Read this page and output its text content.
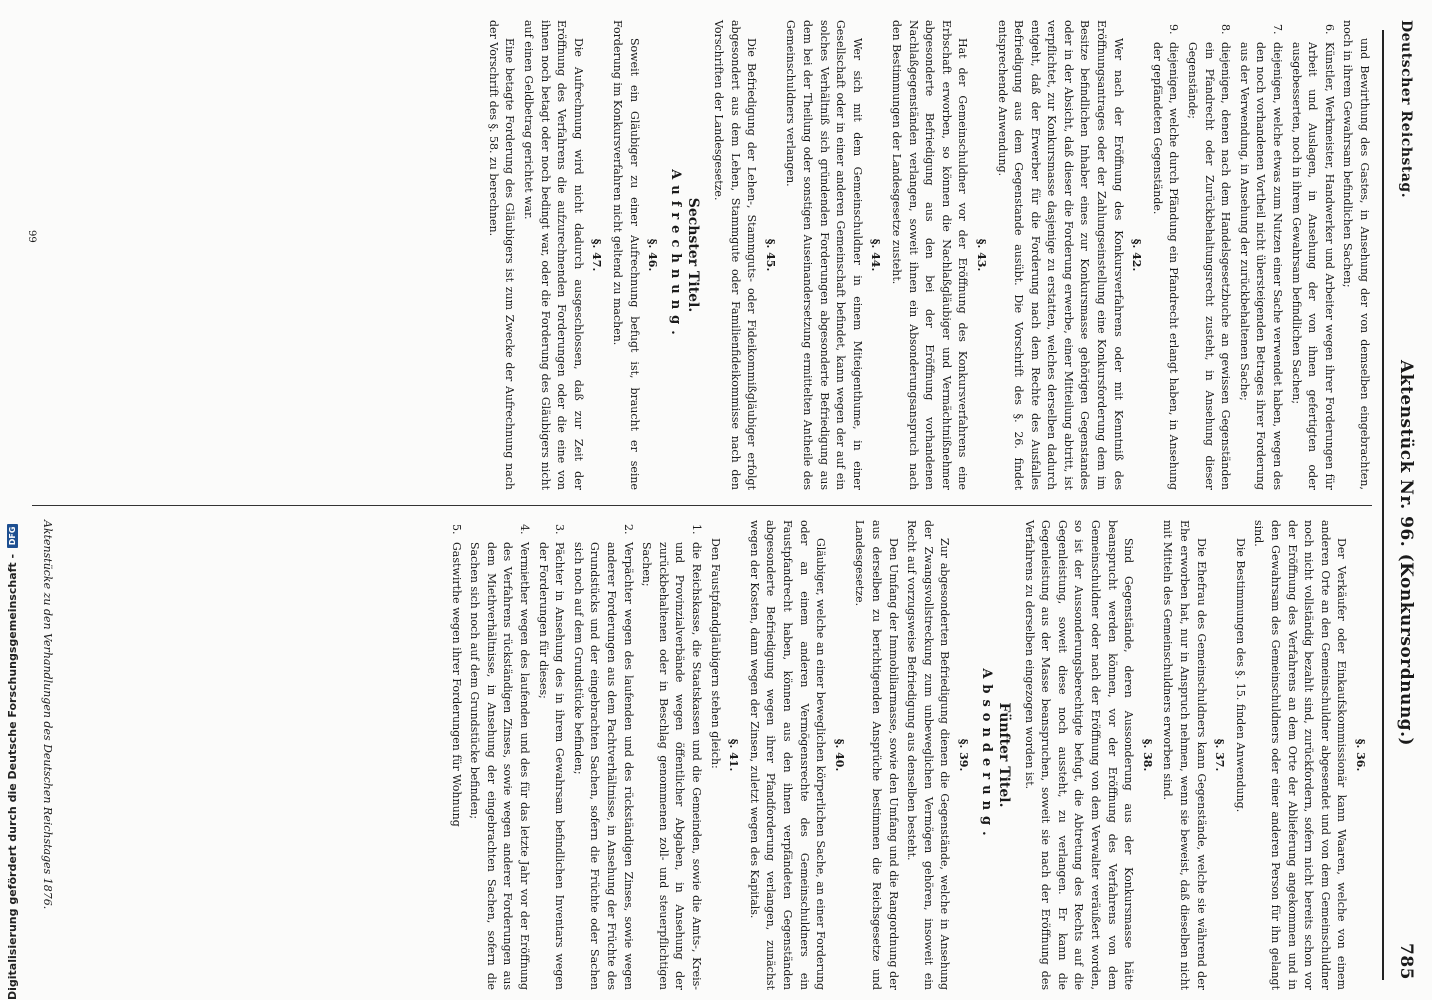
Deutscher Reichstag.
Aktenstück Nr. 96. (Konkursordnung.)
785

§. 36.

Der Verkäufer oder Einkaufskommissionär kann Waaren, welche von einem anderen Orte an den Gemeinschuldner abgesendet und von dem Gemeinschuldner noch nicht vollständig bezahlt sind, zurückfordern, sofern nicht bereits schon vor der Eröffnung des Verfahrens an dem Orte der Ablieferung angekommen und in den Gewahrsam des Gemeinschuldners oder einer anderen Person für ihn gelangt sind.

Die Bestimmungen des §. 15. finden Anwendung.

§. 37.

Die Ehefrau des Gemeinschuldners kann Gegenstände, welche sie während der Ehe erworben hat, nur in Anspruch nehmen, wenn sie beweist, daß dieselben nicht mit Mitteln des Gemeinschuldners erworben sind.

§. 38.

Sind Gegenstände, deren Aussonderung aus der Konkursmasse hätte beansprucht werden können, vor der Eröffnung des Verfahrens von dem Gemeinschuldner oder nach der Eröffnung von dem Verwalter veräußert worden, so ist der Aussonderungsberechtigte befugt, die Abtretung des Rechts auf die Gegenleistung, soweit diese noch aussteht, zu verlangen. Er kann die Gegenleistung aus der Masse beanspruchen, soweit sie nach der Eröffnung des Verfahrens zu derselben eingezogen worden ist.

Fünfter Titel.

Absonderung.

§. 39.

Zur abgesonderten Befriedigung dienen die Gegenstände, welche in Ansehung der Zwangsvollstreckung zum unbeweglichen Vermögen gehören, insoweit ein Recht auf vorzugsweise Befriedigung aus denselben besteht.

Den Umfang der Immobiliarmasse, sowie den Umfang und die Rangordnung der aus derselben zu berichtigenden Ansprüche bestimmen die Reichsgesetze und Landesgesetze.

§. 40.

Gläubiger, welche an einer beweglichen körperlichen Sache, an einer Forderung oder an einem anderen Vermögensrechte des Gemeinschuldners ein Faustpfandrecht haben, können aus den ihnen verpfändeten Gegenständen abgesonderte Befriedigung wegen ihrer Pfandforderung verlangen, zunächst wegen der Kosten, dann wegen der Zinsen, zuletzt wegen des Kapitals.

§. 41.

Den Faustpfandgläubigern stehen gleich:

1.
die Reichskasse, die Staatskassen und die Gemeinden, sowie die Amts-, Kreis- und Provinzialverbände wegen öffentlicher Abgaben, in Ansehung der zurückbehaltenen oder in Beschlag genommenen zoll- und steuerpflichtigen Sachen;

2.
Verpächter wegen des laufenden und des rückständigen Zinses, sowie wegen anderer Forderungen aus dem Pachtverhältnisse, in Ansehung der Früchte des Grundstücks und der eingebrachten Sachen, sofern die Früchte oder Sachen sich noch auf dem Grundstücke befinden;

3.
Pächter in Ansehung des in ihrem Gewahrsam befindlichen Inventars wegen der Forderungen für dieses;

4.
Vermiether wegen des laufenden und des für das letzte Jahr vor der Eröffnung des Verfahrens rückständigen Zinses, sowie wegen anderer Forderungen aus dem Miethverhältnisse, in Ansehung der eingebrachten Sachen, sofern die Sachen sich noch auf dem Grundstücke befinden;

5.
Gastwirthe wegen ihrer Forderungen für Wohnung

und Bewirthung des Gastes, in Ansehung der von demselben eingebrachten, noch in ihrem Gewahrsam befindlichen Sachen;

6.
Künstler, Werkmeister, Handwerker und Arbeiter wegen ihrer Forderungen für Arbeit und Auslagen, in Ansehung der von ihnen gefertigten oder ausgebesserten, noch in ihrem Gewahrsam befindlichen Sachen;

7.
diejenigen, welche etwas zum Nutzen einer Sache verwendet haben, wegen des den noch vorhandenen Vortheil nicht übersteigenden Betrages ihrer Forderung aus der Verwendung, in Ansehung der zurückbehaltenen Sache;

8.
diejenigen, denen nach dem Handelsgesetzbuche an gewissen Gegenständen ein Pfandrecht oder Zurückbehaltungsrecht zusteht, in Ansehung dieser Gegenstände;

9.
diejenigen, welche durch Pfändung ein Pfandrecht erlangt haben, in Ansehung der gepfändeten Gegenstände.

§. 42.

Wer nach der Eröffnung des Konkursverfahrens oder mit Kenntniß des Eröffnungsantrages oder der Zahlungseinstellung eine Konkursforderung dem im Besitze befindlichen Inhaber eines zur Konkursmasse gehörigen Gegenstandes oder in der Absicht, daß dieser die Forderung erwerbe, einer Mitteilung abtritt, ist verpflichtet, zur Konkursmasse dasjenige zu erstatten, welches derselben dadurch entgeht, daß der Erwerber für die Forderung nach dem Rechte des Ausfalles Befriedigung aus dem Gegenstande ausübt. Die Vorschrift des §. 26. findet entsprechende Anwendung.

§. 43.

Hat der Gemeinschuldner vor der Eröffnung des Konkursverfahrens eine Erbschaft erworben, so können die Nachlaßgläubiger und Vermächtnißnehmer abgesonderte Befriedigung aus den bei der Eröffnung vorhandenen Nachlaßgegenständen verlangen, soweit ihnen ein Absonderungsanspruch nach den Bestimmungen der Landesgesetze zusteht.

§. 44.

Wer sich mit dem Gemeinschuldner in einem Miteigenthume, in einer Gesellschaft oder in einer anderen Gemeinschaft befindet, kann wegen der auf ein solches Verhältniß sich gründenden Forderungen abgesonderte Befriedigung aus dem bei der Theilung oder sonstigen Auseinandersetzung ermittelten Antheile des Gemeinschuldners verlangen.

§. 45.

Die Befriedigung der Lehen-, Stammguts- oder Fideikommißgläubiger erfolgt abgesondert aus dem Lehen, Stammgute oder Familienfideikommisse nach den Vorschriften der Landesgesetze.

Sechster Titel.

Aufrechnung.

§. 46.

Soweit ein Gläubiger zu einer Aufrechnung befugt ist, braucht er seine Forderung im Konkursverfahren nicht geltend zu machen.

§. 47.

Die Aufrechnung wird nicht dadurch ausgeschlossen, daß zur Zeit der Eröffnung des Verfahrens die aufzurechnenden Forderungen oder die eine von ihnen noch betagt oder noch bedingt war, oder die Forderung des Gläubigers nicht auf einen Geldbetrag gerichtet war.

Eine betagte Forderung des Gläubigers ist zum Zwecke der Aufrechnung nach der Vorschrift des §. 58. zu berechnen.

Aktenstücke zu den Verhandlungen des Deutschen Reichstages 1876.
99
Digitalisierung gefördert durch die Deutsche Forschungsgemeinschaft -
DFG
